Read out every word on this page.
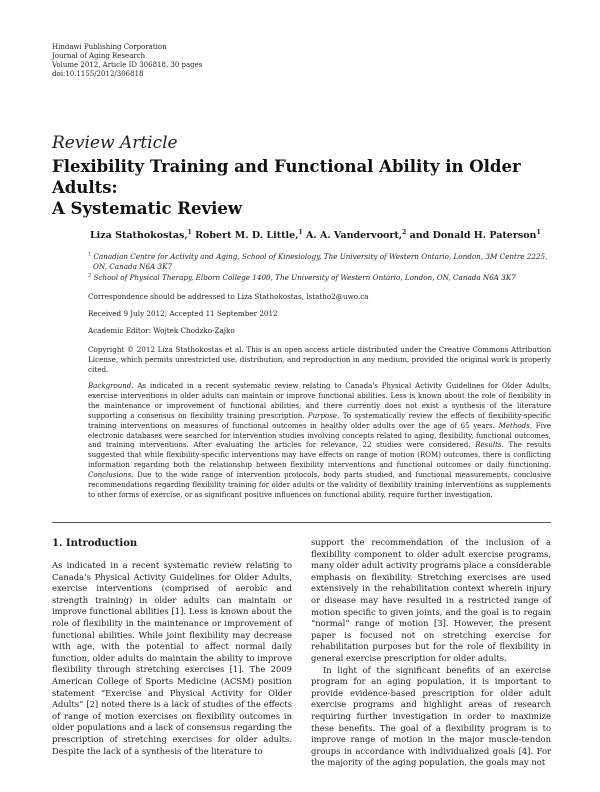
Hindawi Publishing Corporation
Journal of Aging Research
Volume 2012, Article ID 306818, 30 pages
doi:10.1155/2012/306818
Review Article
Flexibility Training and Functional Ability in Older Adults:
A Systematic Review
Liza Stathokostas,$^1$ Robert M. D. Little,$^1$ A. A. Vandervoort,$^2$ and Donald H. Paterson$^1$
$^1$ Canadian Centre for Activity and Aging, School of Kinesiology, The University of Western Ontario, London, 3M Centre 2225,
ON, Canada N6A 3K7
$^2$ School of Physical Therapy, Elborn College 1400, The University of Western Ontario, London, ON, Canada N6A 3K7
Correspondence should be addressed to Liza Stathokostas, lstatho2@uwo.ca
Received 9 July 2012; Accepted 11 September 2012
Academic Editor: Wojtek Chodzko-Zajko
Copyright © 2012 Liza Stathokostas et al. This is an open access article distributed under the Creative Commons Attribution License, which permits unrestricted use, distribution, and reproduction in any medium, provided the original work is properly cited.
Background. As indicated in a recent systematic review relating to Canada's Physical Activity Guidelines for Older Adults, exercise interventions in older adults can maintain or improve functional abilities. Less is known about the role of flexibility in the maintenance or improvement of functional abilities, and there currently does not exist a synthesis of the literature supporting a consensus on flexibility training prescription. Purpose. To systematically review the effects of flexibility-specific training interventions on measures of functional outcomes in healthy older adults over the age of 65 years. Methods. Five electronic databases were searched for intervention studies involving concepts related to aging, flexibility, functional outcomes, and training interventions. After evaluating the articles for relevance, 22 studies were considered. Results. The results suggested that while flexibility-specific interventions may have effects on range of motion (ROM) outcomes, there is conflicting information regarding both the relationship between flexibility interventions and functional outcomes or daily functioning. Conclusions. Due to the wide range of intervention protocols, body parts studied, and functional measurements, conclusive recommendations regarding flexibility training for older adults or the validity of flexibility training interventions as supplements to other forms of exercise, or as significant positive influences on functional ability, require further investigation.
1. Introduction

As indicated in a recent systematic review relating to Canada's Physical Activity Guidelines for Older Adults, exercise interventions (comprised of aerobic and strength training) in older adults can maintain or improve functional abilities [1]. Less is known about the role of flexibility in the maintenance or improvement of functional abilities. While joint flexibility may decrease with age, with the potential to affect normal daily function, older adults do maintain the ability to improve flexibility through stretching exercises [1]. The 2009 American College of Sports Medicine (ACSM) position statement “Exercise and Physical Activity for Older Adults” [2] noted there is a lack of studies of the effects of range of motion exercises on flexibility outcomes in older populations and a lack of consensus regarding the prescription of stretching exercises for older adults. Despite the lack of a synthesis of the literature to

support the recommendation of the inclusion of a flexibility component to older adult exercise programs, many older adult activity programs place a considerable emphasis on flexibility. Stretching exercises are used extensively in the rehabilitation context wherein injury or disease may have resulted in a restricted range of motion specific to given joints, and the goal is to regain “normal” range of motion [3]. However, the present paper is focused not on stretching exercise for rehabilitation purposes but for the role of flexibility in general exercise prescription for older adults.

In light of the significant benefits of an exercise program for an aging population, it is important to provide evidence-based prescription for older adult exercise programs and highlight areas of research requiring further investigation in order to maximize these benefits. The goal of a flexibility program is to improve range of motion in the major muscle-tendon groups in accordance with individualized goals [4]. For the majority of the aging population, the goals may not
